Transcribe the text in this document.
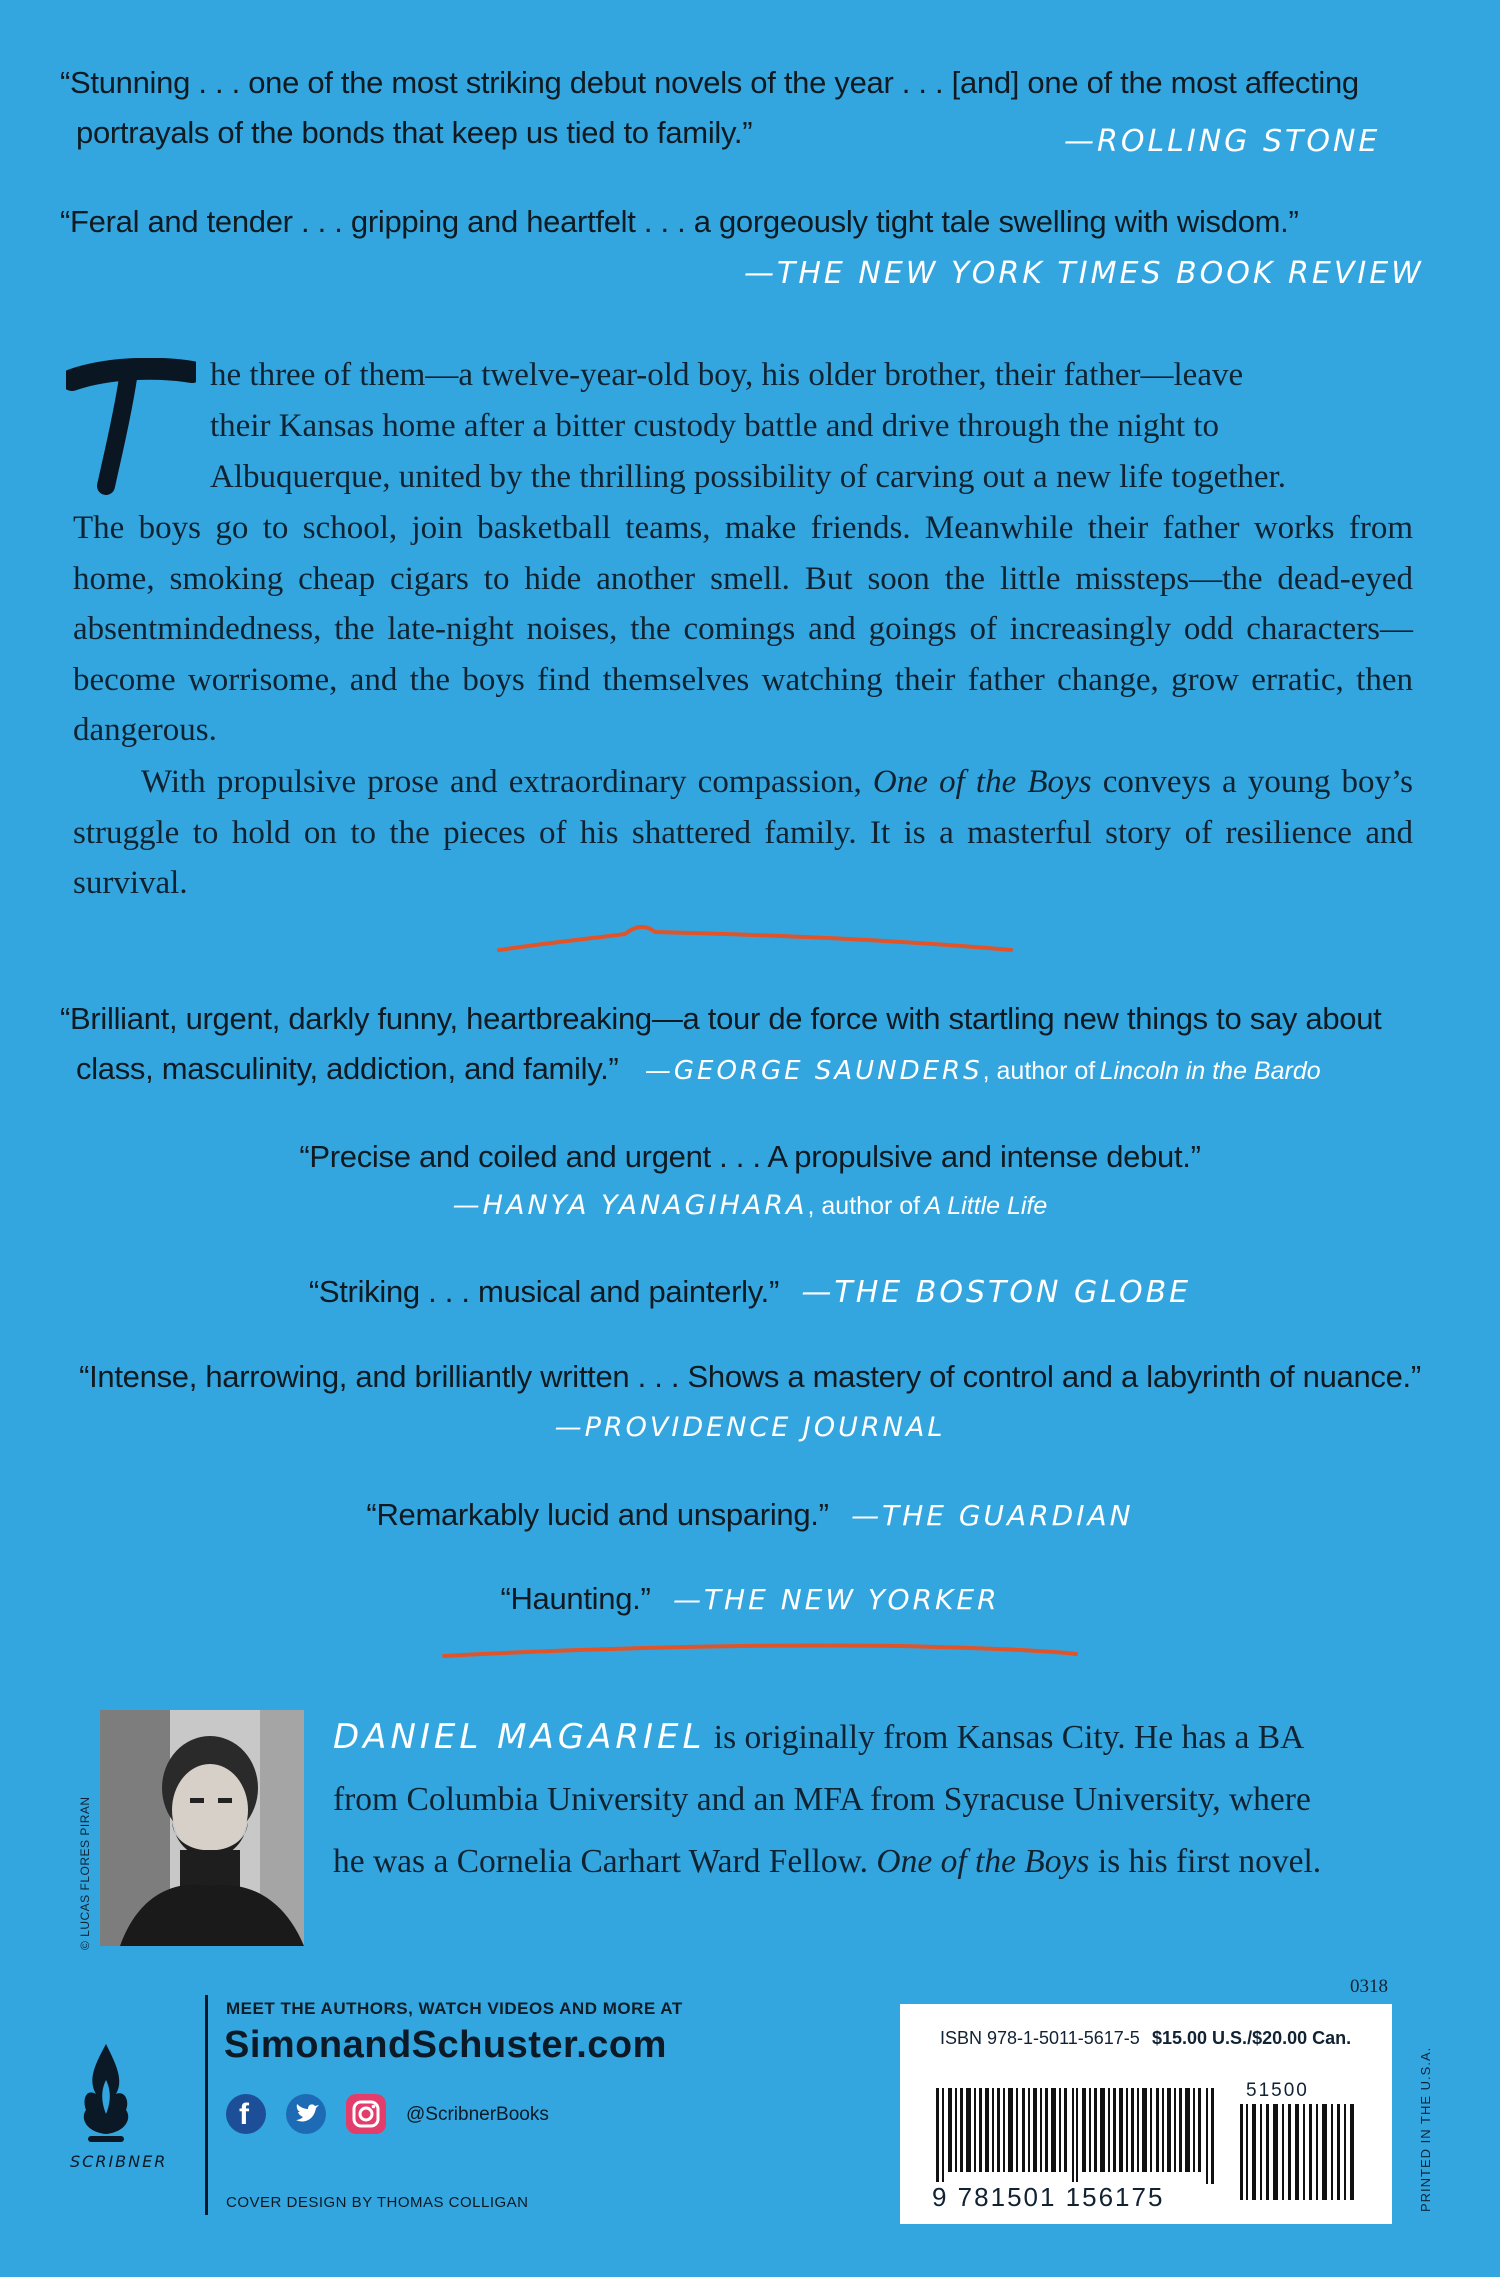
“Stunning . . . one of the most striking debut novels of the year . . . [and] one of the most affecting
portrayals of the bonds that keep us tied to family.”	—ROLLING STONE
“Feral and tender . . . gripping and heartfelt . . . a gorgeously tight tale swelling with wisdom.”
—THE NEW YORK TIMES BOOK REVIEW
he three of them—a twelve-year-old boy, his older brother, their father—leave
their Kansas home after a bitter custody battle and drive through the night to
Albuquerque, united by the thrilling possibility of carving out a new life together.

The boys go to school, join basketball teams, make friends. Meanwhile their father works from home, smoking cheap cigars to hide another smell. But soon the little missteps—the dead-eyed absentmindedness, the late-night noises, the comings and goings of increasingly odd characters—become worrisome, and the boys find themselves watching their father change, grow erratic, then dangerous.

With propulsive prose and extraordinary compassion, One of the Boys conveys a young boy’s struggle to hold on to the pieces of his shattered family. It is a masterful story of resilience and survival.

“Brilliant, urgent, darkly funny, heartbreaking—a tour de force with startling new things to say about
class, masculinity, addiction, and family.” —GEORGE SAUNDERS, author of Lincoln in the Bardo
“Precise and coiled and urgent . . . A propulsive and intense debut.”
—HANYA YANAGIHARA, author of A Little Life
“Striking . . . musical and painterly.” —THE BOSTON GLOBE
“Intense, harrowing, and brilliantly written . . . Shows a mastery of control and a labyrinth of nuance.”
—PROVIDENCE JOURNAL
“Remarkably lucid and unsparing.” —THE GUARDIAN
“Haunting.” —THE NEW YORKER
© LUCAS FLORES PIRAN
DANIEL MAGARIEL is originally from Kansas City. He has a BA
from Columbia University and an MFA from Syracuse University, where
he was a Cornelia Carhart Ward Fellow. One of the Boys is his first novel.
0318
SCRIBNER
MEET THE AUTHORS, WATCH VIDEOS AND MORE AT
SimonandSchuster.com
f	@ScribnerBooks
COVER DESIGN BY THOMAS COLLIGAN
ISBN 978-1-5011-5617-5 $15.00 U.S./$20.00 Can.
9 781501 156175
51500	PRINTED IN THE U.S.A.
